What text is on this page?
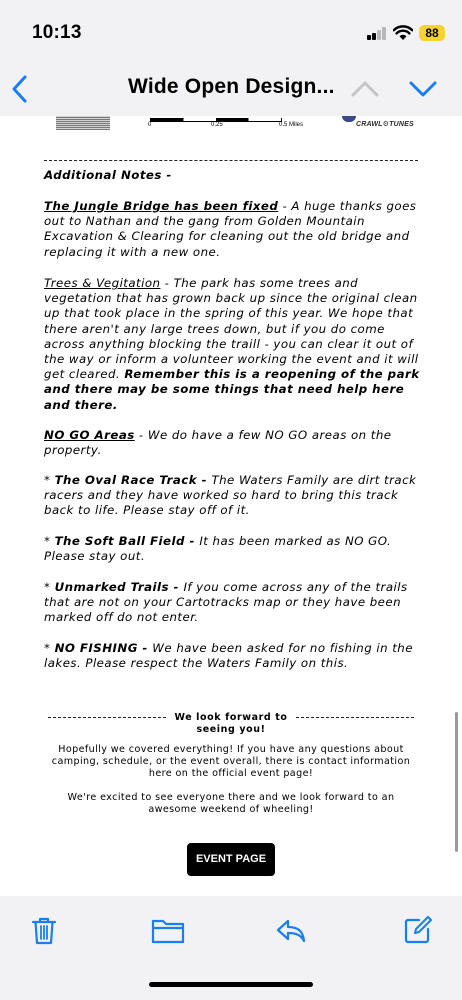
10:13	88
Wide Open Design...
0	0.25	0.5 Miles	CRAWL⚙TUNES
Additional Notes -
The Jungle Bridge has been fixed - A huge thanks goes out to Nathan and the gang from Golden Mountain Excavation & Clearing for cleaning out the old bridge and replacing it with a new one.
Trees & Vegitation - The park has some trees and vegetation that has grown back up since the original clean up that took place in the spring of this year. We hope that there aren't any large trees down, but if you do come across anything blocking the traill - you can clear it out of the way or inform a volunteer working the event and it will get cleared. Remember this is a reopening of the park and there may be some things that need help here and there.
NO GO Areas - We do have a few NO GO areas on the property.
* The Oval Race Track - The Waters Family are dirt track racers and they have worked so hard to bring this track back to life. Please stay off of it.
* The Soft Ball Field - It has been marked as NO GO. Please stay out.
* Unmarked Trails - If you come across any of the trails that are not on your Cartotracks map or they have been marked off do not enter.
* NO FISHING - We have been asked for no fishing in the lakes. Please respect the Waters Family on this.
We look forward to seeing you!
Hopefully we covered everything! If you have any questions about camping, schedule, or the event overall, there is contact information here on the official event page!
We're excited to see everyone there and we look forward to an awesome weekend of wheeling!
EVENT PAGE
